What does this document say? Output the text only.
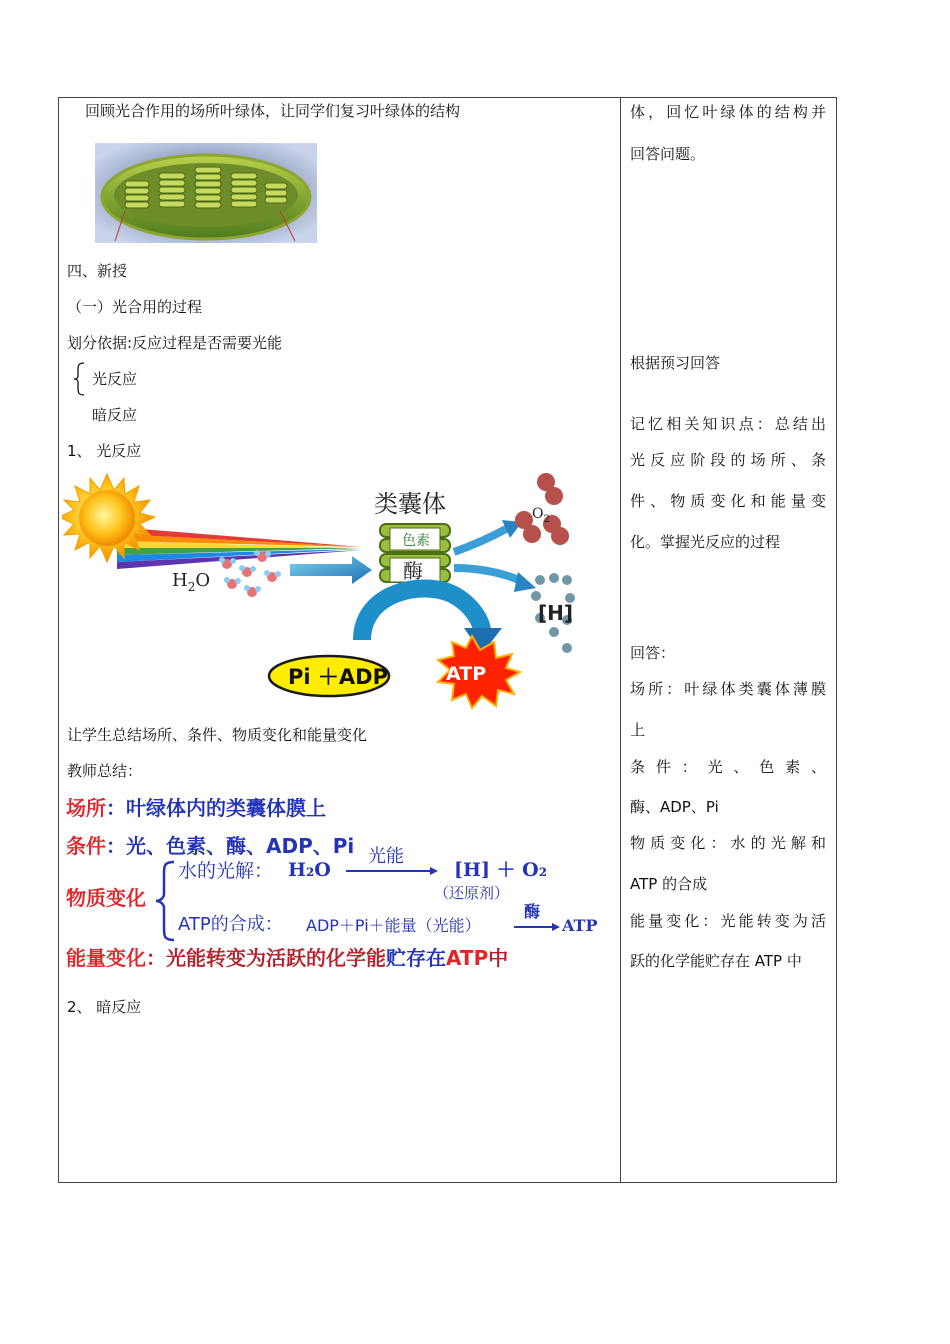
回顾光合作用的场所叶绿体，让同学们复习叶绿体的结构
四、新授
（一）光合用的过程
划分依据:反应过程是否需要光能
光反应
暗反应
1、 光反应
类囊体
色素
酶
$H_2O$
$O_2$
[H]
Pi ＋ADP	ATP
让学生总结场所、条件、物质变化和能量变化
教师总结：
场所：叶绿体内的类囊体膜上
条件：光、色素、酶、ADP、Pi
物质变化
水的光解： H₂O
光能
[H] ＋ O₂
（还原剂）
ATP的合成： ADP＋Pi＋能量（光能）
酶
ATP
能量变化：光能转变为活跃的化学能贮存在ATP中
2、 暗反应
体，回忆叶绿体的结构并
回答问题。
根据预习回答
记忆相关知识点：总结出
光反应阶段的场所、条
件、物质变化和能量变
化。掌握光反应的过程
回答：
场所：叶绿体类囊体薄膜
上
条 件 ： 光 、 色 素 、
酶、ADP、Pi
物质变化：水的光解和
ATP 的合成
能量变化：光能转变为活
跃的化学能贮存在 ATP 中
